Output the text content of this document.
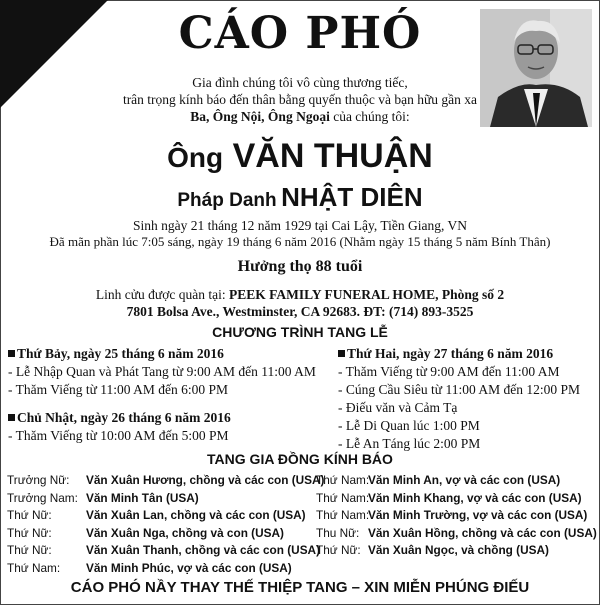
CÁO PHÓ
Gia đình chúng tôi vô cùng thương tiếc,
trân trọng kính báo đến thân bằng quyến thuộc và bạn hữu gần xa
Ba, Ông Nội, Ông Ngoại của chúng tôi:
Ông VĂN THUẬN
Pháp Danh NHẬT DIÊN
Sinh ngày 21 tháng 12 năm 1929 tại Cai Lậy, Tiền Giang, VN
Đã mãn phần lúc 7:05 sáng, ngày 19 tháng 6 năm 2016 (Nhằm ngày 15 tháng 5 năm Bính Thân)
Hưởng thọ 88 tuổi
Linh cửu được quàn tại: PEEK FAMILY FUNERAL HOME, Phòng số 2
7801 Bolsa Ave., Westminster, CA 92683. ĐT: (714) 893-3525
CHƯƠNG TRÌNH TANG LỄ
Thứ Bảy, ngày 25 tháng 6 năm 2016
- Lễ Nhập Quan và Phát Tang từ 9:00 AM đến 11:00 AM
- Thăm Viếng từ 11:00 AM đến 6:00 PM
Chủ Nhật, ngày 26 tháng 6 năm 2016
- Thăm Viếng từ 10:00 AM đến 5:00 PM
Thứ Hai, ngày 27 tháng 6 năm 2016
- Thăm Viếng từ 9:00 AM đến 11:00 AM
- Cúng Cầu Siêu từ 11:00 AM đến 12:00 PM
- Điếu văn và Cảm Tạ
- Lễ Di Quan lúc 1:00 PM
- Lễ An Táng lúc 2:00 PM
TANG GIA ĐỒNG KÍNH BÁO
Trưởng Nữ: Văn Xuân Hương, chồng và các con (USA)
Trưởng Nam: Văn Minh Tân (USA)
Thứ Nữ:	Văn Xuân Lan, chồng và các con (USA)
Thứ Nữ:	Văn Xuân Nga, chồng và con (USA)
Thứ Nữ:	Văn Xuân Thanh, chồng và các con (USA)
Thứ Nam: Văn Minh Phúc, vợ và các con (USA)
Thứ Nam:Văn Minh An, vợ và các con (USA)
Thứ Nam:Văn Minh Khang, vợ và các con (USA)
Thứ Nam:Văn Minh Trường, vợ và các con (USA)
Thu Nữ: Văn Xuân Hồng, chồng và các con (USA)
Thứ Nữ: Văn Xuân Ngọc, và chồng (USA)
CÁO PHÓ NẦY THAY THẾ THIỆP TANG – XIN MIỄN PHÚNG ĐIẾU
